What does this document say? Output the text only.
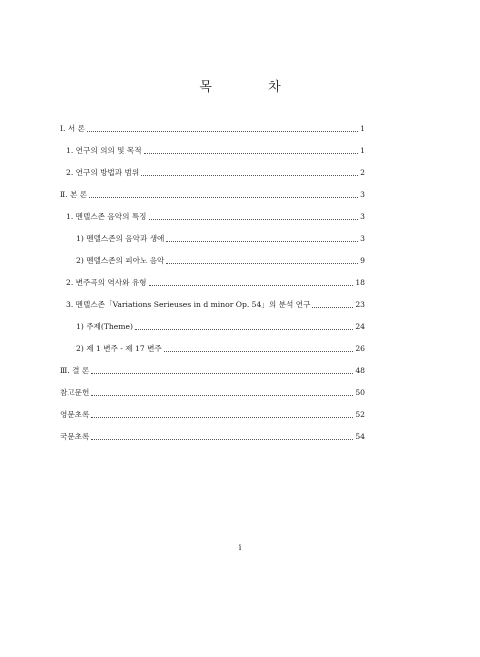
목 차
Ⅰ. 서 론	1
1. 연구의 의의 및 목적	1
2. 연구의 방법과 범위	2
Ⅱ. 본 론	3
1. 멘델스존 음악의 특징	3
1) 멘델스존의 음악과 생애	3
2) 멘델스존의 피아노 음악	9
2. 변주곡의 역사와 유형	18
3. 멘델스존「Variations Serieuses in d minor Op. 54」의 분석 연구	23
1) 주제(Theme)	24
2) 제 1 변주 - 제 17 변주	26
Ⅲ. 결 론	48
참고문헌	50
영문초록	52
국문초록	54
i
